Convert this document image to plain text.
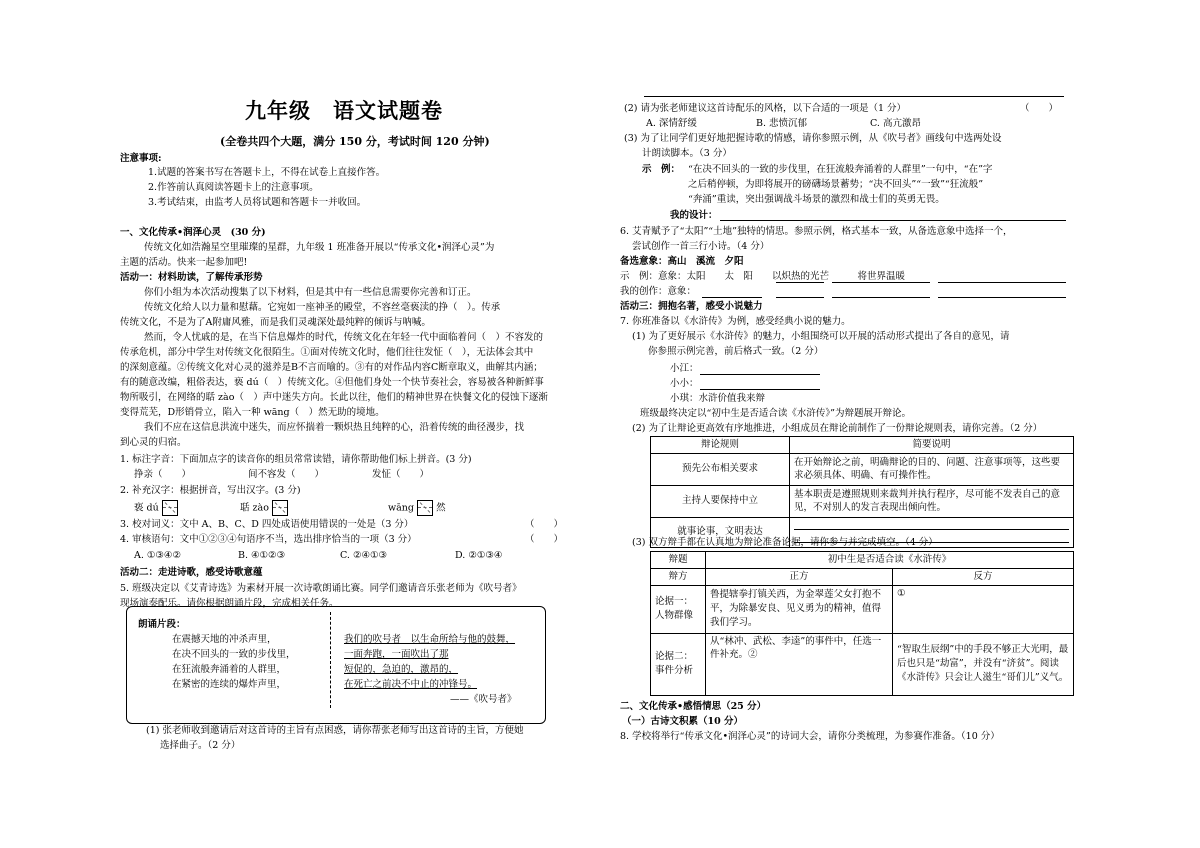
九年级　语文试题卷
(全卷共四个大题，满分 150 分，考试时间 120 分钟)
注意事项:
1.试题的答案书写在答题卡上，不得在试卷上直接作答。
2.作答前认真阅读答题卡上的注意事项。
3.考试结束，由监考人员将试题和答题卡一并收回。
一、文化传承•润泽心灵　(30 分)
传统文化如浩瀚星空里璀璨的星群，九年级 1 班准备开展以“传承文化•润泽心灵”为
主题的活动。快来一起参加吧!
活动一：材料助读，了解传承形势
你们小组为本次活动搜集了以下材料，但是其中有一些信息需要你完善和订正。
传统文化给人以力量和慰藉。它宛如一座神圣的殿堂，不容丝毫亵渎的挣（　）。传承
传统文化，不是为了A附庸风雅，而是我们灵魂深处最纯粹的倾诉与呐喊。
然而，令人忧戚的是，在当下信息爆炸的时代，传统文化在年轻一代中面临着问（　）不容发的
传承危机，部分中学生对传统文化很陌生。①面对传统文化时，他们往往发怔（　），无法体会其中
的深刻意蕴。②传统文化对心灵的滋养是B不言而喻的。③有的对作品内容C断章取义，曲解其内涵；
有的随意改编，粗俗表达，亵 dú（　）传统文化。④但他们身处一个快节奏社会，容易被各种新鲜事
物所吸引，在网络的聒 zào（　）声中迷失方向。长此以往，他们的精神世界在快餐文化的侵蚀下逐渐
变得荒芜，D形销骨立，陷入一种 wāng（　）然无助的境地。
我们不应在这信息洪流中迷失，而应怀揣着一颗炽热且纯粹的心，沿着传统的曲径漫步，找
到心灵的归宿。
1. 标注字音：下面加点字的读音你的组员常常读错，请你帮助他们标上拼音。(3 分)
挣亲（　　）	间不容发（　　）	发怔（　　）
2. 补充汉字：根据拼音，写出汉字。(3 分)
亵 dú	聒 zào	wāng 然
3. 校对词义：文中 A、B、C、D 四处成语使用错误的一处是（3 分）	（　　）
4. 审核语句：文中①②③④句语序不当，选出排序恰当的一项（3 分）	（　　）
A. ①③④②	B. ④①②③	C. ②④①③	D. ②①③④
活动二：走进诗歌，感受诗歌意蕴
5. 班级决定以《艾青诗选》为素材开展一次诗歌朗诵比赛。同学们邀请音乐张老师为《吹号者》
现场演奏配乐。请你根据朗诵片段，完成相关任务。
朗诵片段：
在震撼天地的冲杀声里，
在决不回头的一致的步伐里，
在狂流般奔涌着的人群里，
在紧密的连续的爆炸声里，
我们的吹号者　以生命所给与他的鼓舞，
一面奔跑，一面吹出了那
短促的，急迫的，激昂的，
在死亡之前决不中止的冲锋号。
——《吹号者》
(1) 张老师收到邀请后对这首诗的主旨有点困惑，请你帮张老师写出这首诗的主旨，方便她
选择曲子。（2 分）
(2) 请为张老师建议这首诗配乐的风格，以下合适的一项是（1 分）	（　　）
A. 深情舒缓	B. 悲愤沉郁	C. 高亢激昂
(3) 为了让同学们更好地把握诗歌的情感，请你参照示例，从《吹号者》画线句中选两处设
计朗读脚本。（3 分）
示　例： “在决不回头的一致的步伐里，在狂流般奔涌着的人群里”一句中，“在”字
之后稍停顿，为即将展开的磅礴场景蓄势；“决不回头”“一致”“狂流般”
“奔涌”重读，突出强调战斗场景的激烈和战士们的英勇无畏。
我的设计：
6. 艾青赋予了“太阳”“土地”独特的情思。参照示例，格式基本一致，从备选意象中选择一个，
尝试创作一首三行小诗。（4 分）
备选意象：高山　溪流　夕阳
示　例：意象：太阳　　太　阳　　以炽热的光芒　　　将世界温暖
我的创作：意象：
活动三：拥抱名著，感受小说魅力
7. 你班准备以《水浒传》为例，感受经典小说的魅力。
(1) 为了更好展示《水浒传》的魅力，小组围绕可以开展的活动形式提出了各自的意见，请
你参照示例完善，前后格式一致。（2 分）
小江：
小小：
小琪：水浒价值我来辩
班级最终决定以“初中生是否适合读《水浒传》”为辩题展开辩论。
(2) 为了让辩论更高效有序地推进，小组成员在辩论前制作了一份辩论规则表，请你完善。（2 分）
辩论规则	简要说明
预先公布相关要求	在开始辩论之前，明确辩论的目的、问题、注意事项等，这些要求必须具体、明确、有可操作性。
主持人要保持中立	基本职责是遵照规则来裁判并执行程序，尽可能不发表自己的意见，不对别人的发言表现出倾向性。
就事论事，文明表达	
(3) 双方辩手都在认真地为辩论准备论据，请你参与并完成填空。（4 分）
辩题	初中生是否适合读《水浒传》	
辩方	正方	反方
论据一：人物群像	鲁提辖拳打镇关西，为金翠莲父女打抱不平，为除暴安良、见义勇为的精神，值得我们学习。	①
论据二：事件分析	从“林冲、武松、李逵”的事件中，任选一件补充。②	“智取生辰纲”中的手段不够正大光明，最后也只是“劫富”，并没有“济贫”。阅读《水浒传》只会让人滋生“哥们儿”义气。
二、文化传承•感悟情思（25 分）
（一）古诗文积累（10 分）
8. 学校将举行“传承文化•润泽心灵”的诗词大会，请你分类梳理，为参赛作准备。（10 分）
